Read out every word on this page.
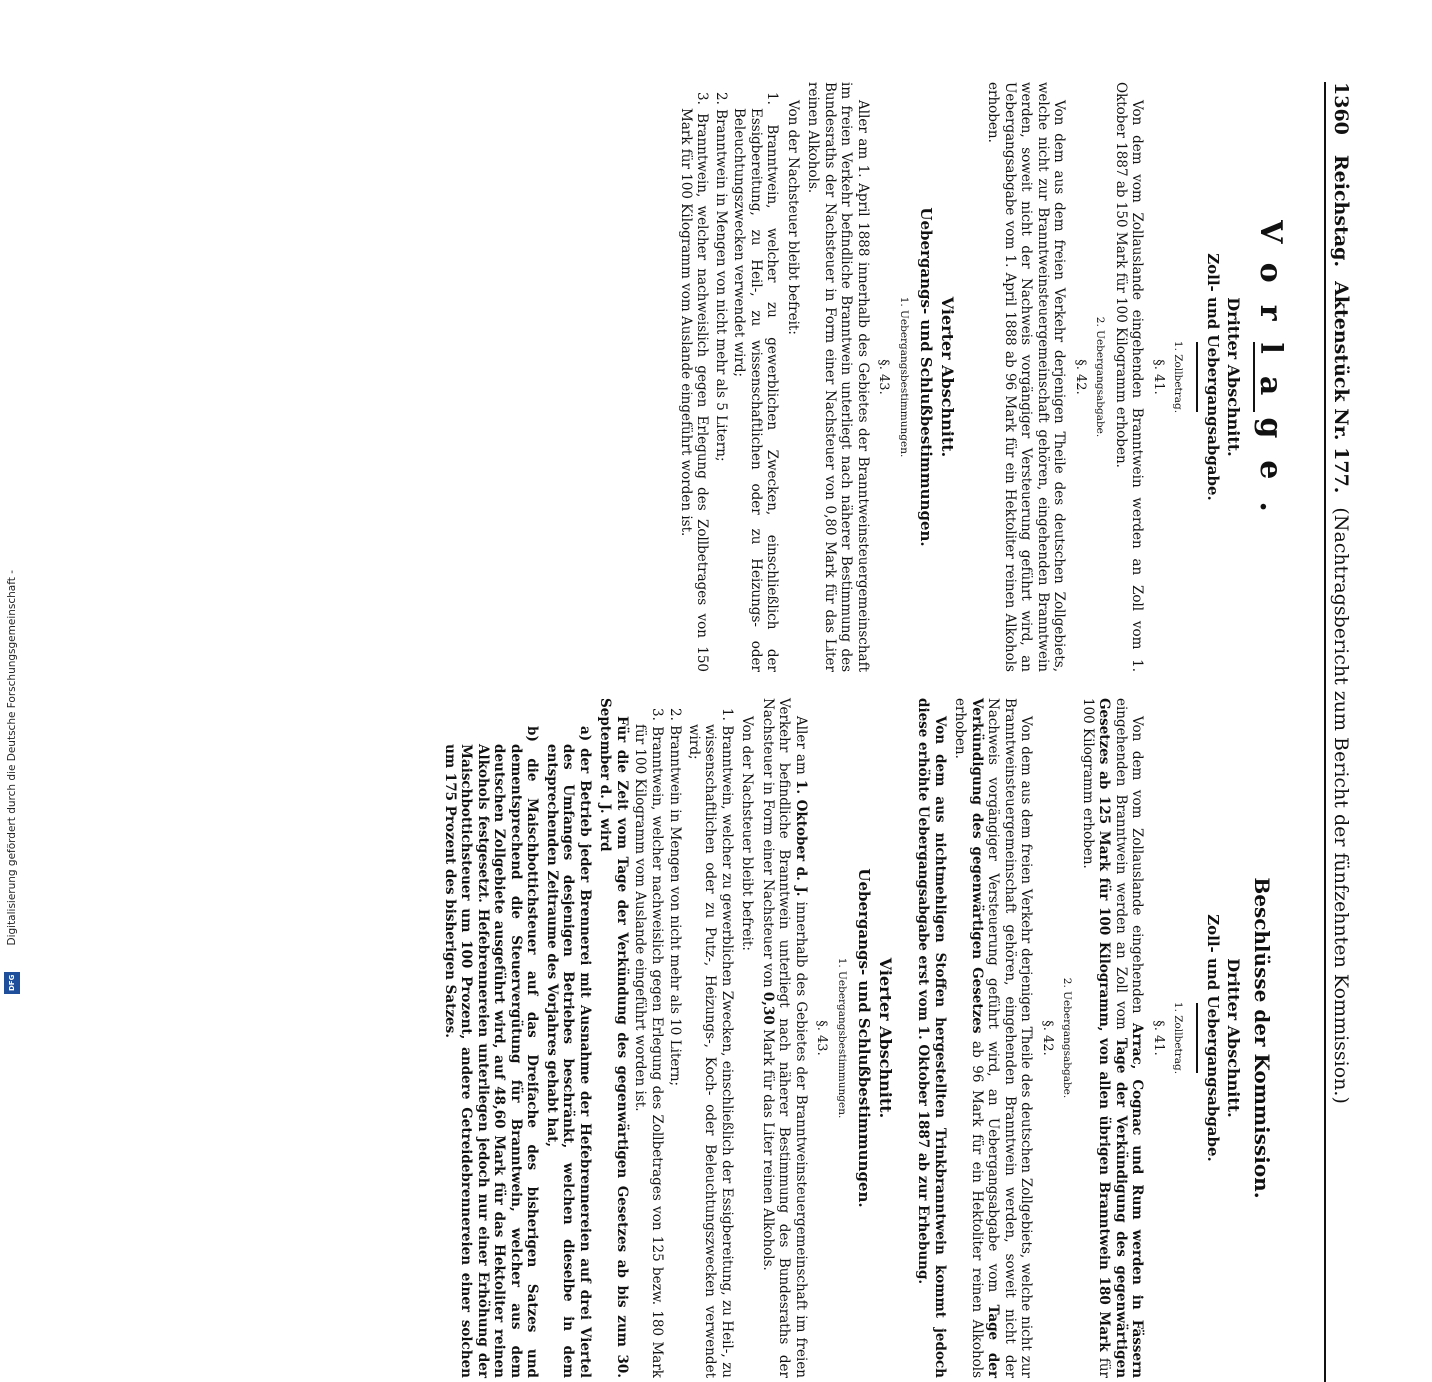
1360
Reichstag.
Aktenstück Nr. 177.
(Nachtragsbericht zum Bericht der fünfzehnten Kommission.)
Vorlage.
Dritter Abschnitt.
Zoll- und Uebergangsabgabe.
1. Zollbetrag.
§. 41.
Von dem vom Zollauslande eingehenden Branntwein werden an Zoll vom 1. Oktober 1887 ab 150 Mark für 100 Kilogramm erhoben.
2. Uebergangsabgabe.
§. 42.
Von dem aus dem freien Verkehr derjenigen Theile des deutschen Zollgebiets, welche nicht zur Branntweinsteuergemeinschaft gehören, eingehenden Branntwein werden, soweit nicht der Nachweis vorgängiger Versteuerung geführt wird, an Uebergangsabgabe vom 1. April 1888 ab 96 Mark für ein Hektoliter reinen Alkohols erhoben.
Vierter Abschnitt.
Uebergangs- und Schlußbestimmungen.
1. Uebergangsbestimmungen.
§. 43.
Aller am 1. April 1888 innerhalb des Gebietes der Branntweinsteuergemeinschaft im freien Verkehr befindliche Branntwein unterliegt nach näherer Bestimmung des Bundesraths der Nachsteuer in Form einer Nachsteuer von 0,80 Mark für das Liter reinen Alkohols.
Von der Nachsteuer bleibt befreit:
1. Branntwein, welcher zu gewerblichen Zwecken, einschließlich der Essigbereitung, zu Heil-, zu wissenschaftlichen oder zu Heizungs- oder Beleuchtungszwecken verwendet wird;
2. Branntwein in Mengen von nicht mehr als 5 Litern;
3. Branntwein, welcher nachweislich gegen Erlegung des Zollbetrages von 150 Mark für 100 Kilogramm vom Auslande eingeführt worden ist.
Beschlüsse der Kommission.
Dritter Abschnitt.
Zoll- und Uebergangsabgabe.
1. Zollbetrag.
§. 41.
Von dem vom Zollauslande eingehenden Arrac, Cognac und Rum werden in Fässern eingehenden Branntwein werden an Zoll vom Tage der Verkündigung des gegenwärtigen Gesetzes ab 125 Mark für 100 Kilogramm, von allen übrigen Branntwein 180 Mark für 100 Kilogramm erhoben.
2. Uebergangsabgabe.
§. 42.
Von dem aus dem freien Verkehr derjenigen Theile des deutschen Zollgebiets, welche nicht zur Branntweinsteuergemeinschaft gehören, eingehenden Branntwein werden, soweit nicht der Nachweis vorgängiger Versteuerung geführt wird, an Uebergangsabgabe vom Tage der Verkündigung des gegenwärtigen Gesetzes ab 96 Mark für ein Hektoliter reinen Alkohols erhoben.
Von dem aus nichtmehligen Stoffen hergestellten Trinkbranntwein kommt jedoch diese erhöhte Uebergangsabgabe erst vom 1. Oktober 1887 ab zur Erhebung.
Vierter Abschnitt.
Uebergangs- und Schlußbestimmungen.
1. Uebergangsbestimmungen.
§. 43.
Aller am 1. Oktober d. J. innerhalb des Gebietes der Branntweinsteuergemeinschaft im freien Verkehr befindliche Branntwein unterliegt nach näherer Bestimmung des Bundesraths der Nachsteuer in Form einer Nachsteuer von 0,30 Mark für das Liter reinen Alkohols.
Von der Nachsteuer bleibt befreit:
1. Branntwein, welcher zu gewerblichen Zwecken, einschließlich der Essigbereitung, zu Heil-, zu wissenschaftlichen oder zu Putz-, Heizungs-, Koch- oder Beleuchtungszwecken verwendet wird;
2. Branntwein in Mengen von nicht mehr als 10 Litern;
3. Branntwein, welcher nachweislich gegen Erlegung des Zollbetrages von 125 bezw. 180 Mark für 100 Kilogramm vom Auslande eingeführt worden ist.
Für die Zeit vom Tage der Verkündung des gegenwärtigen Gesetzes ab bis zum 30. September d. J. wird
a) der Betrieb jeder Brennerei mit Ausnahme der Hefebrennereien auf drei Viertel des Umfanges desjenigen Betriebes beschränkt, welchen dieselbe in dem entsprechenden Zeitraume des Vorjahres gehabt hat,
b) die Maischbottichsteuer auf das Dreifache des bisherigen Satzes und dementsprechend die Steuervergütung für Branntwein, welcher aus dem deutschen Zollgebiete ausgeführt wird, auf 48,60 Mark für das Hektoliter reinen Alkohols festgesetzt. Hefebrennereien unterliegen jedoch nur einer Erhöhung der Maischbottichsteuer um 100 Prozent, andere Getreidebrennereien einer solchen um 175 Prozent des bisherigen Satzes.
Digitalisierung gefördert durch die Deutsche Forschungsgemeinschaft -
DFG
